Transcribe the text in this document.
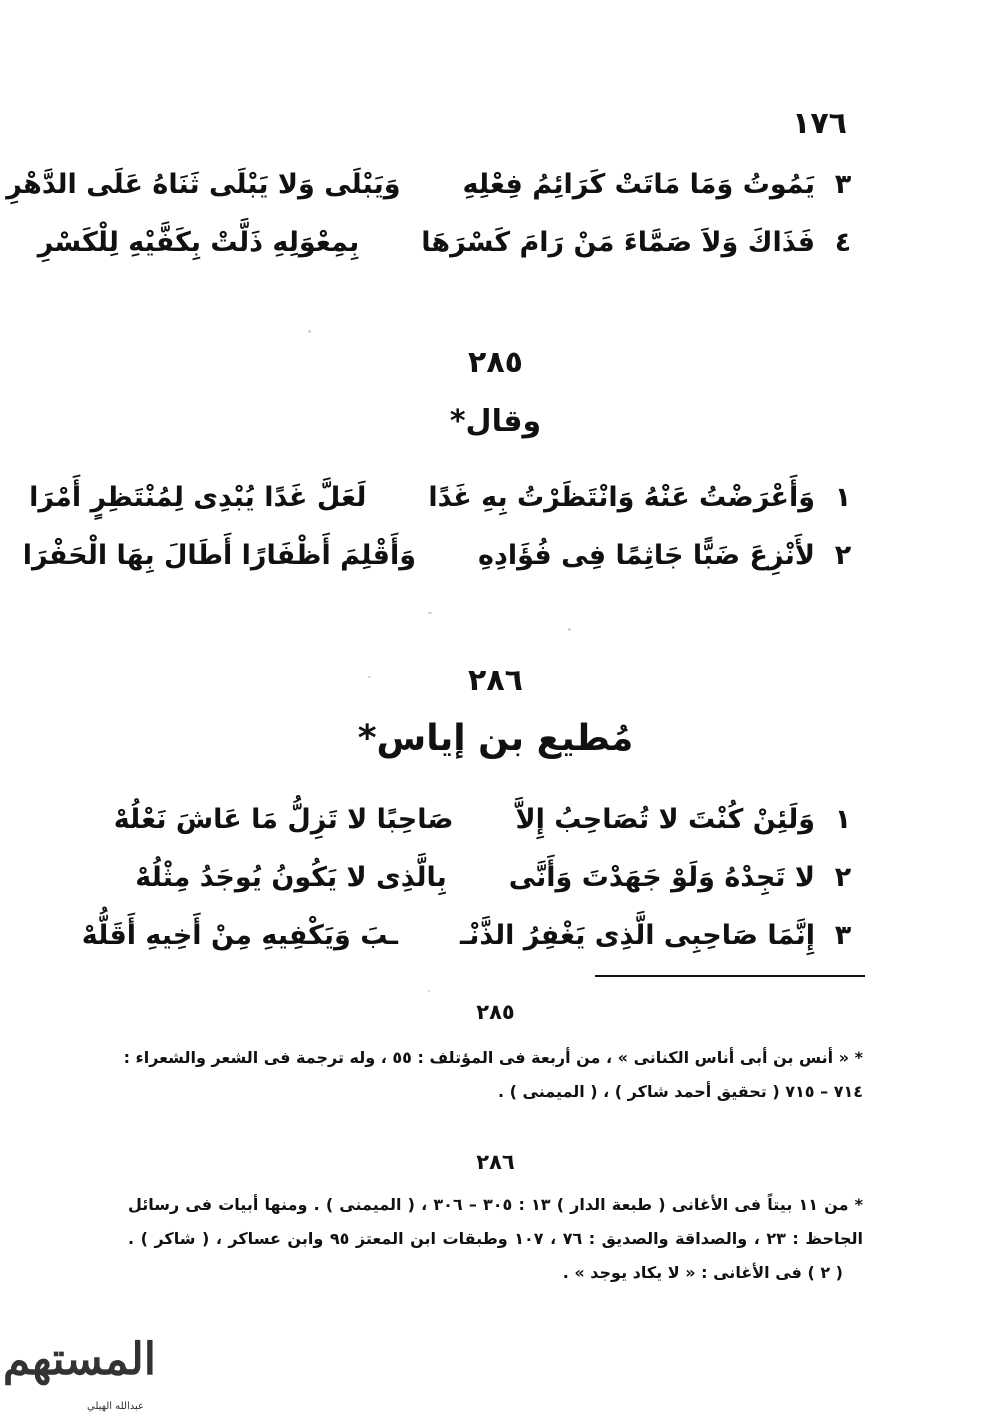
١٧٦
٣
يَمُوتُ وَمَا مَاتَتْ كَرَائِمُ فِعْلِهِ
وَيَبْلَى وَلا يَبْلَى ثَنَاهُ عَلَى الدَّهْرِ
٤
فَذَاكَ وَلاَ صَمَّاءَ مَنْ رَامَ كَسْرَهَا
بِمِعْوَلِهِ ذَلَّتْ بِكَفَّيْهِ لِلْكَسْرِ
٢٨٥
وقال*
١
وَأَعْرَضْتُ عَنْهُ وَانْتَظَرْتُ بِهِ غَدًا
لَعَلَّ غَدًا يُبْدِى لِمُنْتَظِرٍ أَمْرَا
٢
لأَنْزِعَ ضَبًّا جَاثِمًا فِى فُؤَادِهِ
وَأَقْلِمَ أَظْفَارًا أَطَالَ بِهَا الْحَفْرَا
٢٨٦
مُطيع بن إياس*
١
وَلَئِنْ كُنْتَ لا تُصَاحِبُ إِلاَّ
صَاحِبًا لا تَزِلُّ مَا عَاشَ نَعْلُهْ
٢
لا تَجِدْهُ وَلَوْ جَهَدْتَ وَأَنَّى
بِالَّذِى لا يَكُونُ يُوجَدُ مِثْلُهْ
٣
إِنَّمَا صَاحِبِى الَّذِى يَغْفِرُ الذَّنْـ
ـبَ وَيَكْفِيهِ مِنْ أَخِيهِ أَقَلُّهْ
٢٨٥
* « أنس بن أبى أناس الكنانى » ، من أربعة فى المؤتلف : ٥٥ ، وله ترجمة فى الشعر والشعراء :
٧١٤ – ٧١٥ ( تحقيق أحمد شاكر ) ، ( الميمنى ) .
٢٨٦
* من ١١ بيتاً فى الأغانى ( طبعة الدار ) ١٣ : ٣٠٥ – ٣٠٦ ، ( الميمنى ) . ومنها أبيات فى رسائل
الجاحظ : ٢٣ ، والصداقة والصديق : ٧٦ ، ١٠٧ وطبقات ابن المعتز ٩٥ وابن عساكر ، ( شاكر ) .
( ٢ ) فى الأغانى : « لا يكاد يوجد » .
المستهم
عبدالله الهيلي
